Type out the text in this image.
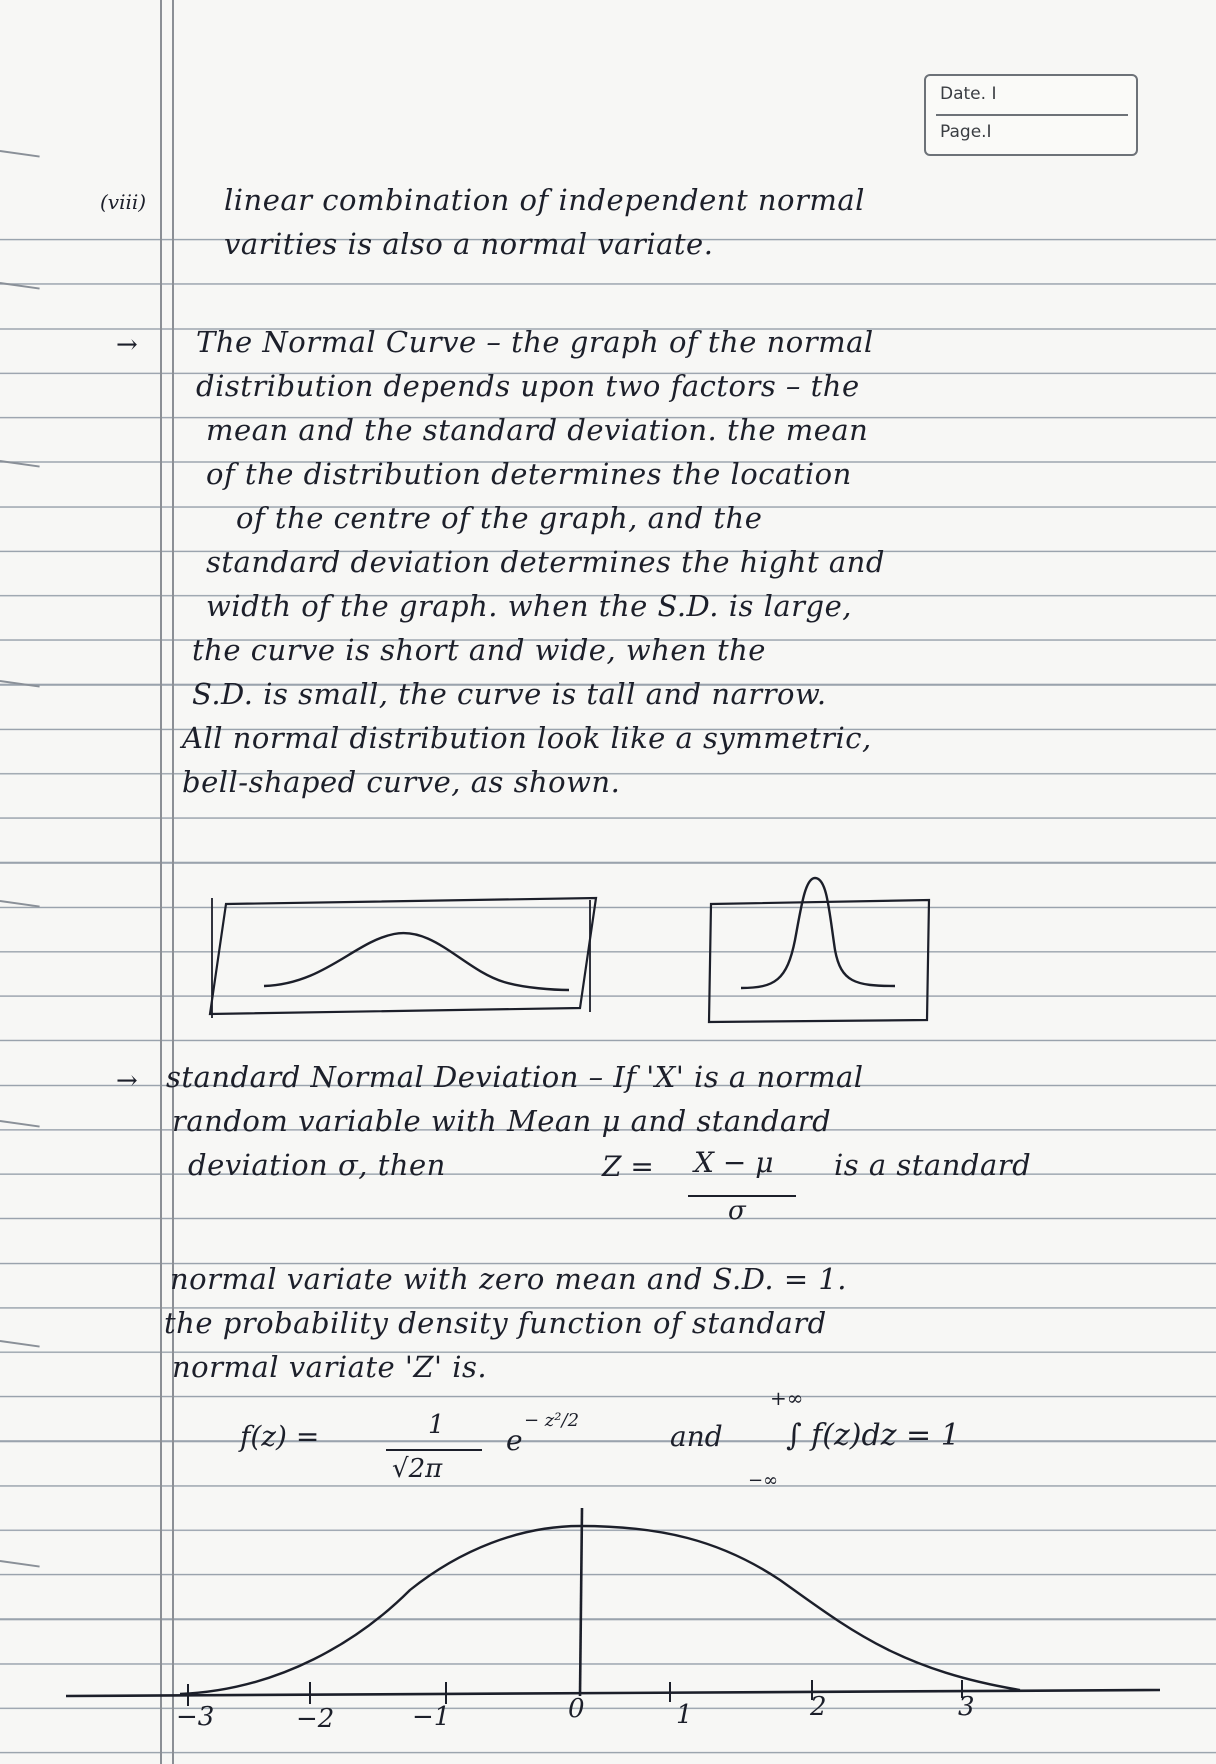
Date. I
Page.I
(viii)	linear combination of independent normal
varities is also a normal variate.
→ The Normal Curve – the graph of the normal
distribution depends upon two factors – the
mean and the standard deviation. the mean
of the distribution determines the location
of the centre of the graph, and the
standard deviation determines the hight and
width of the graph. when the S.D. is large,
the curve is short and wide, when the
S.D. is small, the curve is tall and narrow.
All normal distribution look like a symmetric,
bell-shaped curve, as shown.
→ standard Normal Deviation – If 'X' is a normal
random variable with Mean μ and standard
deviation σ, then	Z = X − μ
σ
is a standard
normal variate with zero mean and S.D. = 1.
the probability density function of standard
normal variate 'Z' is.
f(z) =	1
√2π
e
− z²/2	and
+∞
−∞
∫ f(z)dz = 1
−3	−2	−1	0	1	2	3
